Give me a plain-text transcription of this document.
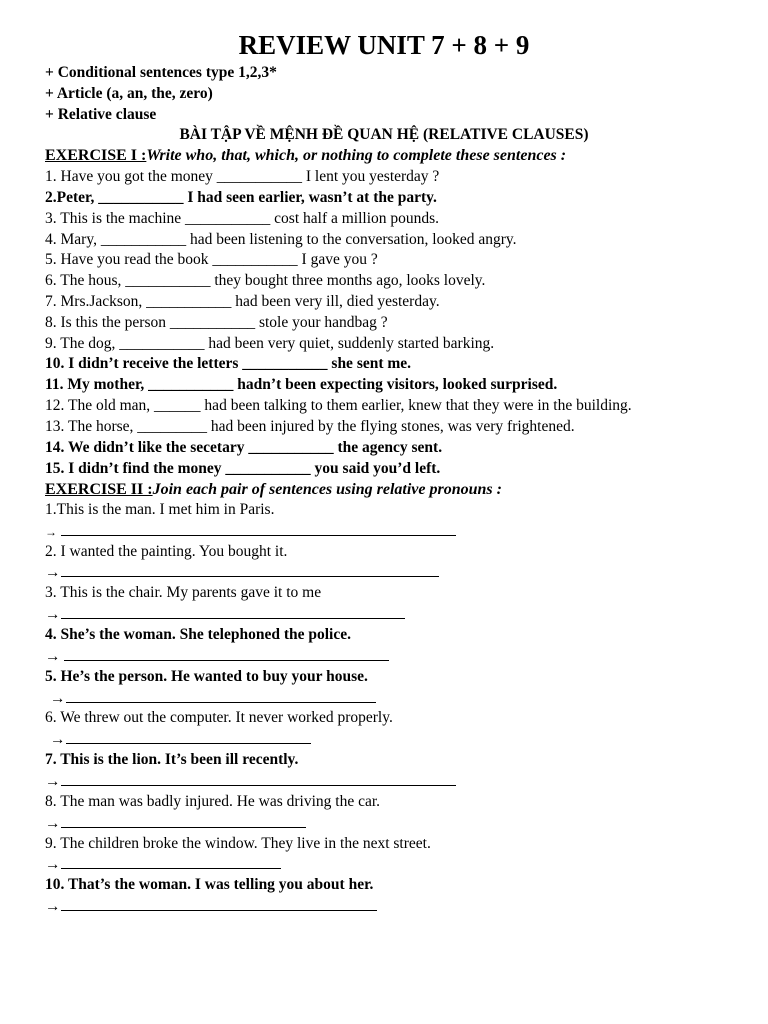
REVIEW UNIT 7 + 8 + 9
+ Conditional sentences type 1,2,3*
+ Article (a, an, the, zero)
+ Relative clause
BÀI TẬP VỀ MỆNH ĐỀ QUAN HỆ (RELATIVE CLAUSES)
EXERCISE I :Write who, that, which, or nothing to complete these sentences :
1. Have you got the money ___________ I lent you yesterday ?
2.Peter, ___________ I had seen earlier, wasn’t at the party.
3. This is the machine ___________ cost half a million pounds.
4. Mary, ___________ had been listening to the conversation, looked angry.
5. Have you read the book ___________ I gave you ?
6. The hous, ___________ they bought three months ago, looks lovely.
7. Mrs.Jackson, ___________ had been very ill, died yesterday.
8. Is this the person ___________ stole your handbag ?
9. The dog, ___________ had been very quiet, suddenly started barking.
10. I didn’t receive the letters ___________ she sent me.
11. My mother, ___________ hadn’t been expecting visitors, looked surprised.
12. The old man, ______ had been talking to them earlier, knew that they were in the building.
13. The horse, _________ had been injured by the flying stones, was very frightened.
14. We didn’t like the secetary ___________ the agency sent.
15. I didn’t find the money ___________ you said you’d left.
EXERCISE II :Join each pair of sentences using relative pronouns :
1.This is the man. I met him in Paris.
→
2. I wanted the painting. You bought it.
→
3. This is the chair. My parents gave it to me
→
4. She’s the woman. She telephoned the police.
→
5. He’s the person. He wanted to buy your house.
→
6. We threw out the computer. It never worked properly.
→
7. This is the lion. It’s been ill recently.
→
8. The man was badly injured. He was driving the car.
→
9. The children broke the window. They live in the next street.
→
10. That’s the woman. I was telling you about her.
→
